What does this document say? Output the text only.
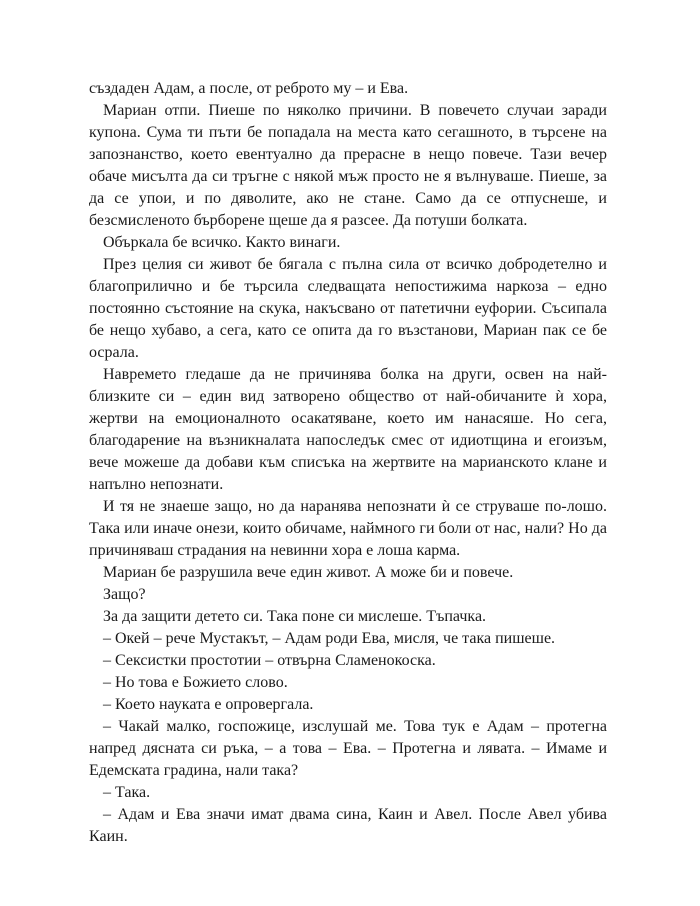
създаден Адам, а после, от реброто му – и Ева.

Мариан отпи. Пиеше по няколко причини. В повечето случаи заради купона. Сума ти пъти бе попадала на места като сегашното, в търсене на запознанство, което евентуално да прерасне в нещо повече. Тази вечер обаче мисълта да си тръгне с някой мъж просто не я вълнуваше. Пиеше, за да се упои, и по дяволите, ако не стане. Само да се отпуснеше, и безсмисленото бърборене щеше да я разсее. Да потуши болката.

Объркала бе всичко. Както винаги.

През целия си живот бе бягала с пълна сила от всичко добродетелно и благоприлично и бе търсила следващата непостижима наркоза – едно постоянно състояние на скука, накъсвано от патетични еуфории. Съсипала бе нещо хубаво, а сега, като се опита да го възстанови, Мариан пак се бе осрала.

Навремето гледаше да не причинява болка на други, освен на най-близките си – един вид затворено общество от най-обичаните ѝ хора, жертви на емоционалното осакатяване, което им нанасяше. Но сега, благодарение на възникналата напоследък смес от идиотщина и егоизъм, вече можеше да добави към списъка на жертвите на марианското клане и напълно непознати.

И тя не знаеше защо, но да наранява непознати ѝ се струваше по-лошо. Така или иначе онези, които обичаме, наймного ги боли от нас, нали? Но да причиняваш страдания на невинни хора е лоша карма.

Мариан бе разрушила вече един живот. А може би и повече.

Защо?

За да защити детето си. Така поне си мислеше. Тъпачка.

– Окей – рече Мустакът, – Адам роди Ева, мисля, че така пишеше.

– Сексистки простотии – отвърна Сламенокоска.

– Но това е Божието слово.

– Което науката е опровергала.

– Чакай малко, госпожице, изслушай ме. Това тук е Адам – протегна напред дясната си ръка, – а това – Ева. – Протегна и лявата. – Имаме и Едемската градина, нали така?

– Така.

– Адам и Ева значи имат двама сина, Каин и Авел. После Авел убива Каин.
